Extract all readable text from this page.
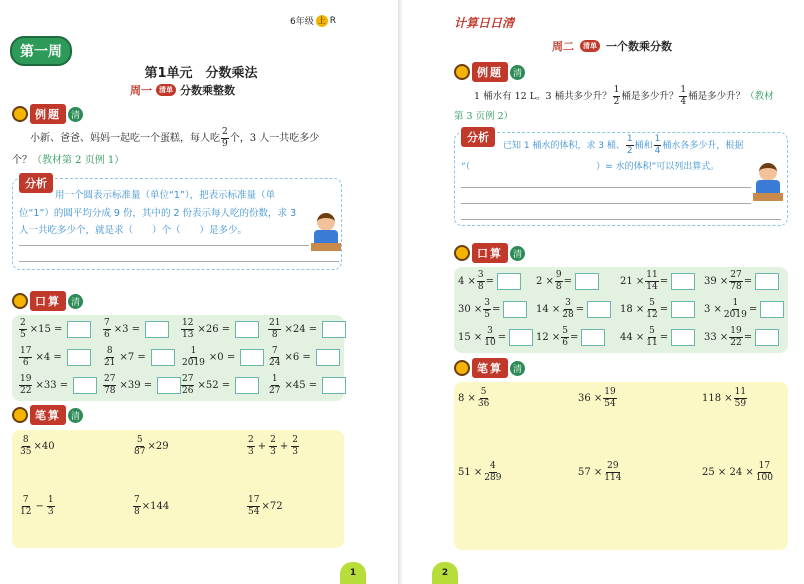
6年级 上 R
第一周
第1单元　分数乘法
周一	清单 分数乘整数
例题	清
小新、爸爸、妈妈一起吃一个蛋糕，每人吃 $\frac{2}{9}$ 个，3 人一共吃多少
个？（教材第 2 页例 1）
分析
用一个圆表示标准量（单位“1”），把表示标准量（单位“1”）的圆平均分成 9 份，其中的 2 份表示每人吃的份数，求 3 人一共吃多少个，就是求（　　）个（　　）是多少。
口算	清
$\frac{2}{5} \times 15$ =	$\frac{7}{6} \times 3$ =	$\frac{12}{13} \times 26$ =	$\frac{21}{8} \times 24$ =
$\frac{17}{6} \times 4$ =	$\frac{8}{21} \times 7$ =	$\frac{1}{2019} \times 0$ =	$\frac{7}{24} \times 6$ =
$\frac{19}{22} \times 33$ =	$\frac{27}{78} \times 39$ =	$\frac{27}{26} \times 52$ =	$\frac{1}{27} \times 45$ =
笔算	清
$\frac{8}{35} \times 40$	$\frac{5}{87} \times 29$	$\frac{2}{3} + \frac{2}{3} + \frac{2}{3}$
$\frac{7}{12} - \frac{1}{3}$	$\frac{7}{8} \times 144$	$\frac{17}{54} \times 72$
1
计算日日清
周二	清单 一个数乘分数
例题	清
1 桶水有 12 L。3 桶共多少升？ $\frac{1}{2}$ 桶是多少升？ $\frac{1}{4}$ 桶是多少升？（教材
第 3 页例 2）
分析
已知 1 桶水的体积，求 3 桶、 $\frac{1}{2}$ 桶和 $\frac{1}{4}$ 桶水各多少升，根据
“（　　　　　　　　　　　　　　）= 水的体积”可以列出算式。
口算	清
$4 \times \frac{3}{8}$ =	$2 \times \frac{9}{8}$ =	$21 \times \frac{11}{14}$ =	$39 \times \frac{27}{78}$ =
$30 \times \frac{3}{5}$ =	$14 \times \frac{3}{28}$ =	$18 \times \frac{5}{12}$ =	$3 \times \frac{1}{2019}$ =
$15 \times \frac{3}{10}$ =	$12 \times \frac{5}{6}$ =	$44 \times \frac{5}{11}$ =	$33 \times \frac{19}{22}$ =
笔算	清
$8 \times \frac{5}{36}$	$36 \times \frac{19}{54}$	$118 \times \frac{11}{59}$
$51 \times \frac{4}{289}$	$57 \times \frac{29}{114}$	$25 \times 24 \times \frac{17}{100}$
2
